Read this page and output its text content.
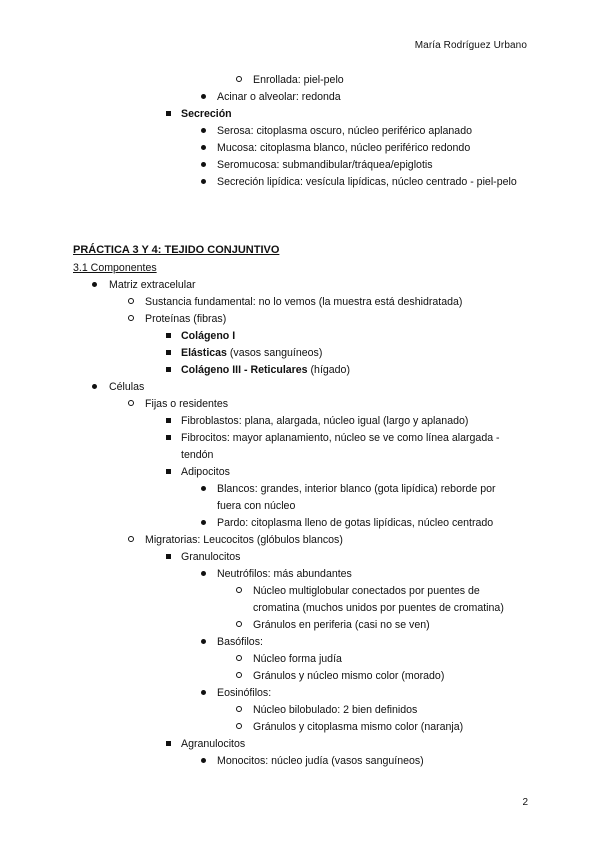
María Rodríguez Urbano
Enrollada: piel-pelo
Acinar o alveolar: redonda
Secreción
Serosa: citoplasma oscuro, núcleo periférico aplanado
Mucosa: citoplasma blanco, núcleo periférico redondo
Seromucosa: submandibular/tráquea/epiglotis
Secreción lipídica: vesícula lipídicas, núcleo centrado - piel-pelo
PRÁCTICA 3 Y 4: TEJIDO CONJUNTIVO
3.1 Componentes
Matriz extracelular
Sustancia fundamental: no lo vemos (la muestra está deshidratada)
Proteínas (fibras)
Colágeno I
Elásticas (vasos sanguíneos)
Colágeno III - Reticulares (hígado)
Células
Fijas o residentes
Fibroblastos: plana, alargada, núcleo igual (largo y aplanado)
Fibrocitos: mayor aplanamiento, núcleo se ve como línea alargada -
tendón
Adipocitos
Blancos: grandes, interior blanco (gota lipídica) reborde por
fuera con núcleo
Pardo: citoplasma lleno de gotas lipídicas, núcleo centrado
Migratorias: Leucocitos (glóbulos blancos)
Granulocitos
Neutrófilos: más abundantes
Núcleo multiglobular conectados por puentes de
cromatina (muchos unidos por puentes de cromatina)
Gránulos en periferia (casi no se ven)
Basófilos:
Núcleo forma judía
Gránulos y núcleo mismo color (morado)
Eosinófilos:
Núcleo bilobulado: 2 bien definidos
Gránulos y citoplasma mismo color (naranja)
Agranulocitos
Monocitos: núcleo judía (vasos sanguíneos)
2
